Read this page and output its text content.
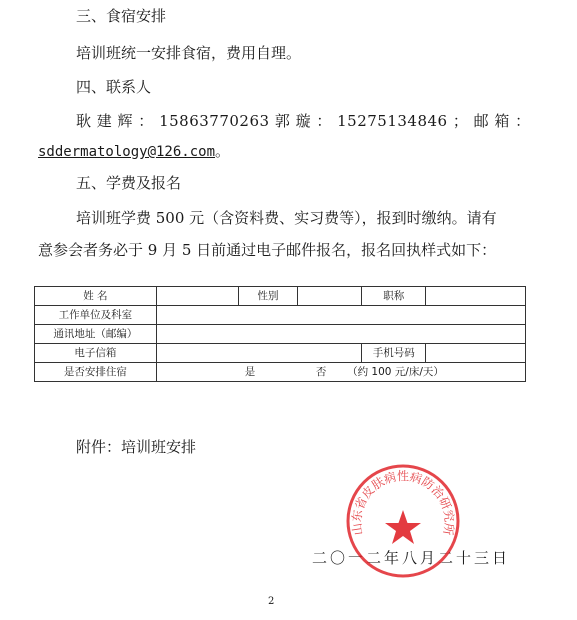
三、食宿安排
培训班统一安排食宿，费用自理。
四、联系人
耿 建 辉 ： 15863770263 郭 璇 ： 15275134846 ； 邮 箱 ：
sddermatology@126.com。
五、学费及报名
培训班学费 500 元（含资料费、实习费等），报到时缴纳。请有
意参会者务必于 9 月 5 日前通过电子邮件报名，报名回执样式如下：
姓 名		性别		职称	
工作单位及科室					
通讯地址（邮编）					
电子信箱				手机号码	
是否安排住宿	是 否 （约 100 元/床/天）				
附件：培训班安排
二〇一二年八月二十三日
山东省皮肤病性病防治研究所
2
